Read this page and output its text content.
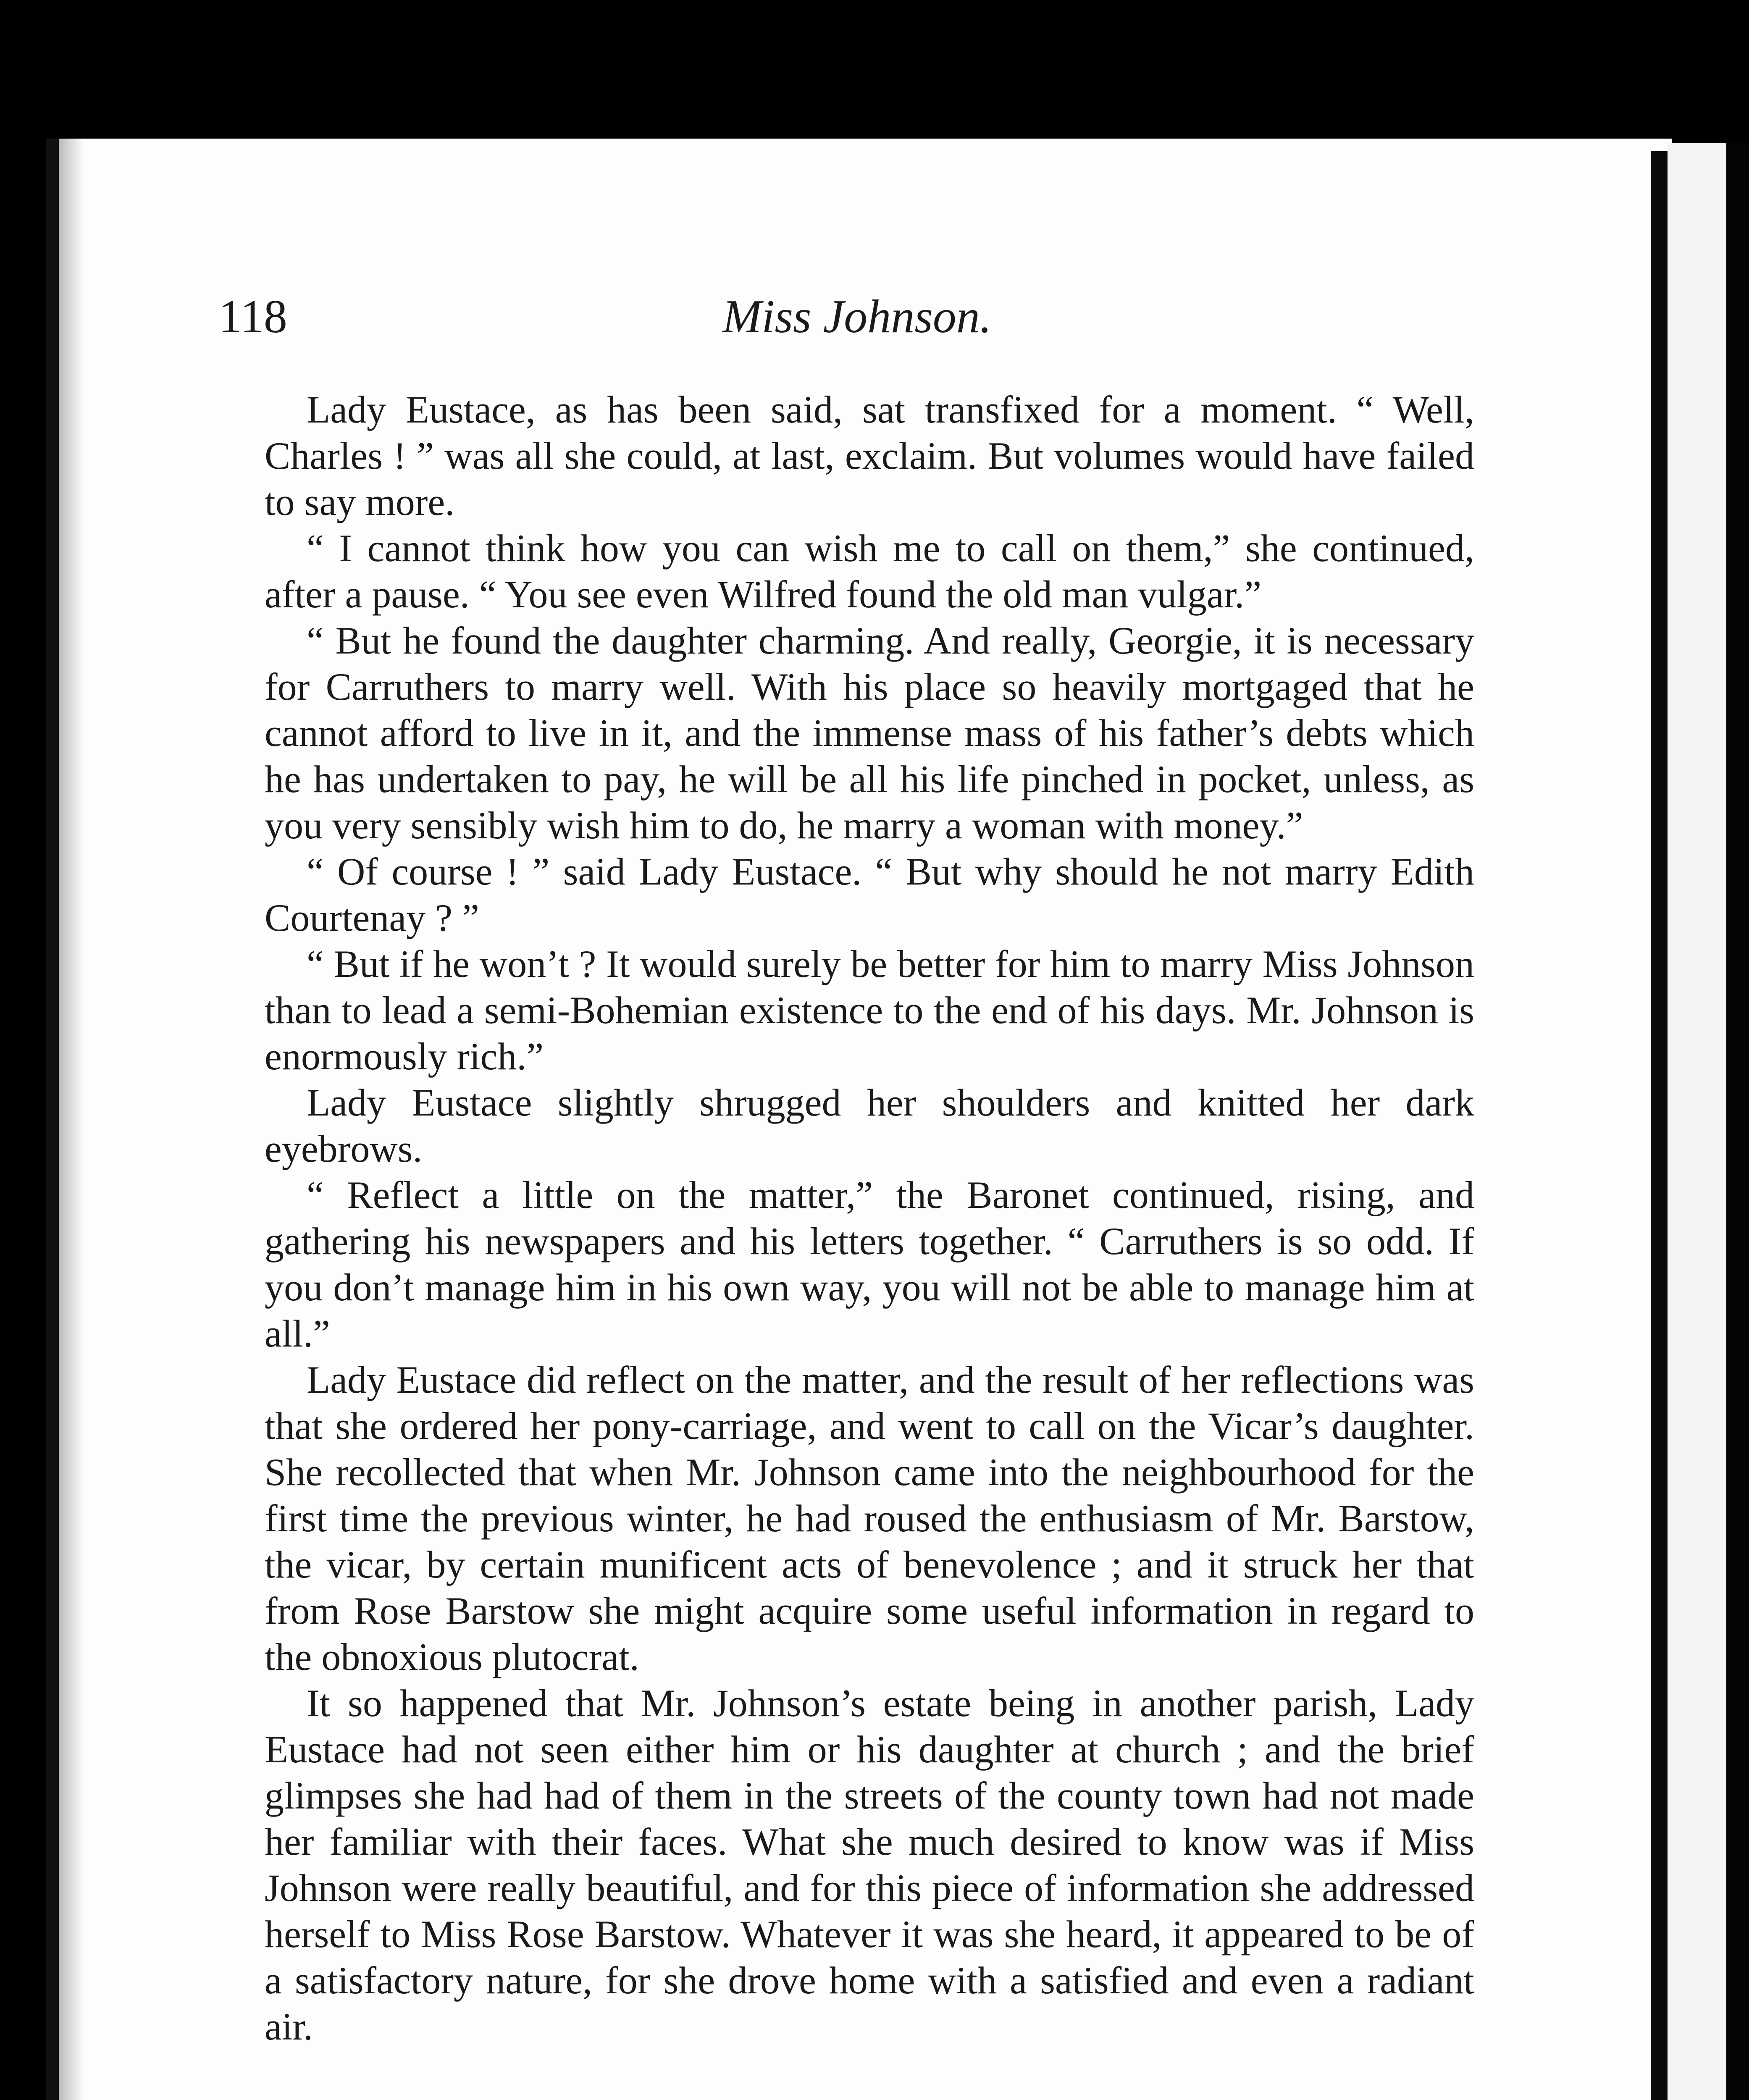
118	Miss Johnson.

Lady Eustace, as has been said, sat transfixed for a moment. “ Well, Charles ! ” was all she could, at last, exclaim. But volumes would have failed to say more.

“ I cannot think how you can wish me to call on them,” she continued, after a pause. “ You see even Wilfred found the old man vulgar.”

“ But he found the daughter charming. And really, Georgie, it is necessary for Carruthers to marry well. With his place so heavily mortgaged that he cannot afford to live in it, and the immense mass of his father’s debts which he has undertaken to pay, he will be all his life pinched in pocket, unless, as you very sensibly wish him to do, he marry a woman with money.”

“ Of course ! ” said Lady Eustace. “ But why should he not marry Edith Courtenay ? ”

“ But if he won’t ? It would surely be better for him to marry Miss Johnson than to lead a semi-Bohemian existence to the end of his days. Mr. Johnson is enormously rich.”

Lady Eustace slightly shrugged her shoulders and knitted her dark eyebrows.

“ Reflect a little on the matter,” the Baronet continued, rising, and gathering his newspapers and his letters together. “ Carruthers is so odd. If you don’t manage him in his own way, you will not be able to manage him at all.”

Lady Eustace did reflect on the matter, and the result of her reflections was that she ordered her pony-carriage, and went to call on the Vicar’s daughter. She recollected that when Mr. Johnson came into the neighbourhood for the first time the previous winter, he had roused the enthusiasm of Mr. Barstow, the vicar, by certain munificent acts of benevolence ; and it struck her that from Rose Barstow she might acquire some useful information in regard to the obnoxious plutocrat.

It so happened that Mr. Johnson’s estate being in another parish, Lady Eustace had not seen either him or his daughter at church ; and the brief glimpses she had had of them in the streets of the county town had not made her familiar with their faces. What she much desired to know was if Miss Johnson were really beautiful, and for this piece of information she addressed herself to Miss Rose Barstow. Whatever it was she heard, it appeared to be of a satisfactory nature, for she drove home with a satisfied and even a radiant air.
